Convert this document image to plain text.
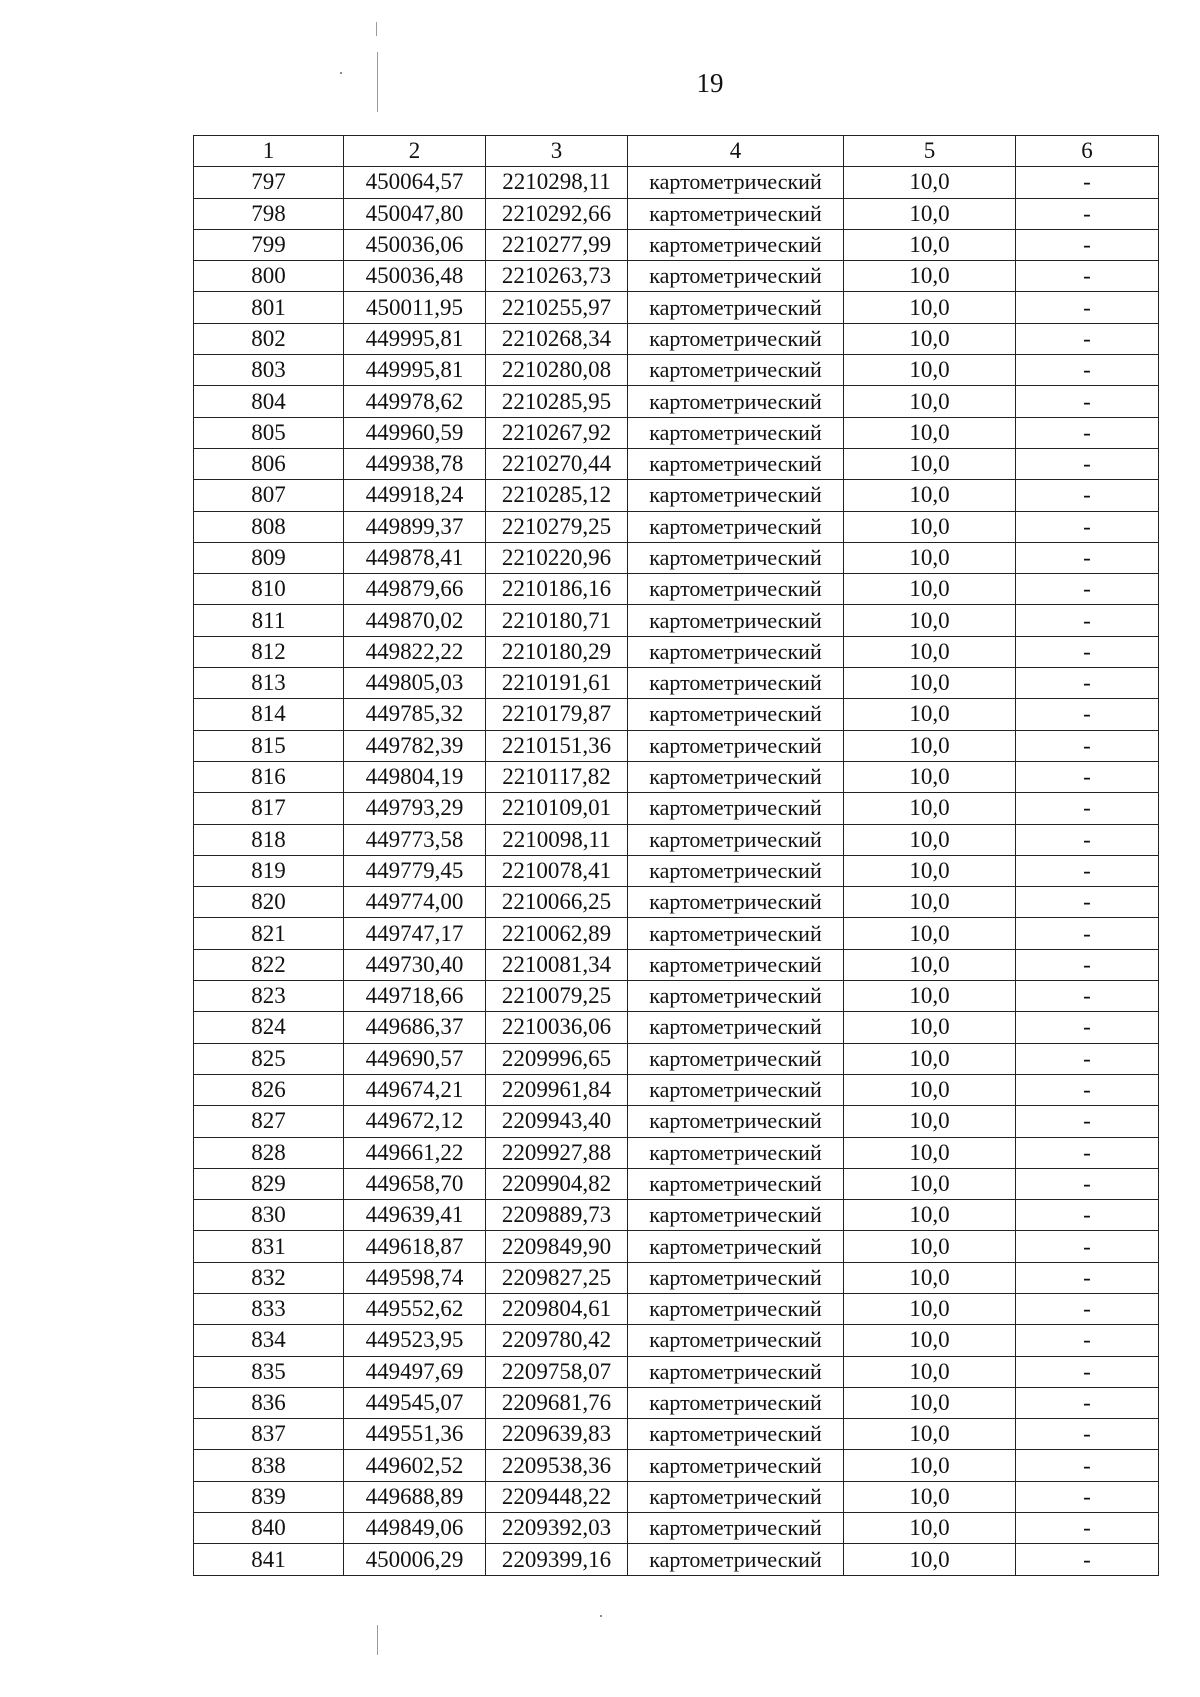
19
1	2	3	4	5	6
797	450064,57	2210298,11	картометрический	10,0	-
798	450047,80	2210292,66	картометрический	10,0	-
799	450036,06	2210277,99	картометрический	10,0	-
800	450036,48	2210263,73	картометрический	10,0	-
801	450011,95	2210255,97	картометрический	10,0	-
802	449995,81	2210268,34	картометрический	10,0	-
803	449995,81	2210280,08	картометрический	10,0	-
804	449978,62	2210285,95	картометрический	10,0	-
805	449960,59	2210267,92	картометрический	10,0	-
806	449938,78	2210270,44	картометрический	10,0	-
807	449918,24	2210285,12	картометрический	10,0	-
808	449899,37	2210279,25	картометрический	10,0	-
809	449878,41	2210220,96	картометрический	10,0	-
810	449879,66	2210186,16	картометрический	10,0	-
811	449870,02	2210180,71	картометрический	10,0	-
812	449822,22	2210180,29	картометрический	10,0	-
813	449805,03	2210191,61	картометрический	10,0	-
814	449785,32	2210179,87	картометрический	10,0	-
815	449782,39	2210151,36	картометрический	10,0	-
816	449804,19	2210117,82	картометрический	10,0	-
817	449793,29	2210109,01	картометрический	10,0	-
818	449773,58	2210098,11	картометрический	10,0	-
819	449779,45	2210078,41	картометрический	10,0	-
820	449774,00	2210066,25	картометрический	10,0	-
821	449747,17	2210062,89	картометрический	10,0	-
822	449730,40	2210081,34	картометрический	10,0	-
823	449718,66	2210079,25	картометрический	10,0	-
824	449686,37	2210036,06	картометрический	10,0	-
825	449690,57	2209996,65	картометрический	10,0	-
826	449674,21	2209961,84	картометрический	10,0	-
827	449672,12	2209943,40	картометрический	10,0	-
828	449661,22	2209927,88	картометрический	10,0	-
829	449658,70	2209904,82	картометрический	10,0	-
830	449639,41	2209889,73	картометрический	10,0	-
831	449618,87	2209849,90	картометрический	10,0	-
832	449598,74	2209827,25	картометрический	10,0	-
833	449552,62	2209804,61	картометрический	10,0	-
834	449523,95	2209780,42	картометрический	10,0	-
835	449497,69	2209758,07	картометрический	10,0	-
836	449545,07	2209681,76	картометрический	10,0	-
837	449551,36	2209639,83	картометрический	10,0	-
838	449602,52	2209538,36	картометрический	10,0	-
839	449688,89	2209448,22	картометрический	10,0	-
840	449849,06	2209392,03	картометрический	10,0	-
841	450006,29	2209399,16	картометрический	10,0	-
